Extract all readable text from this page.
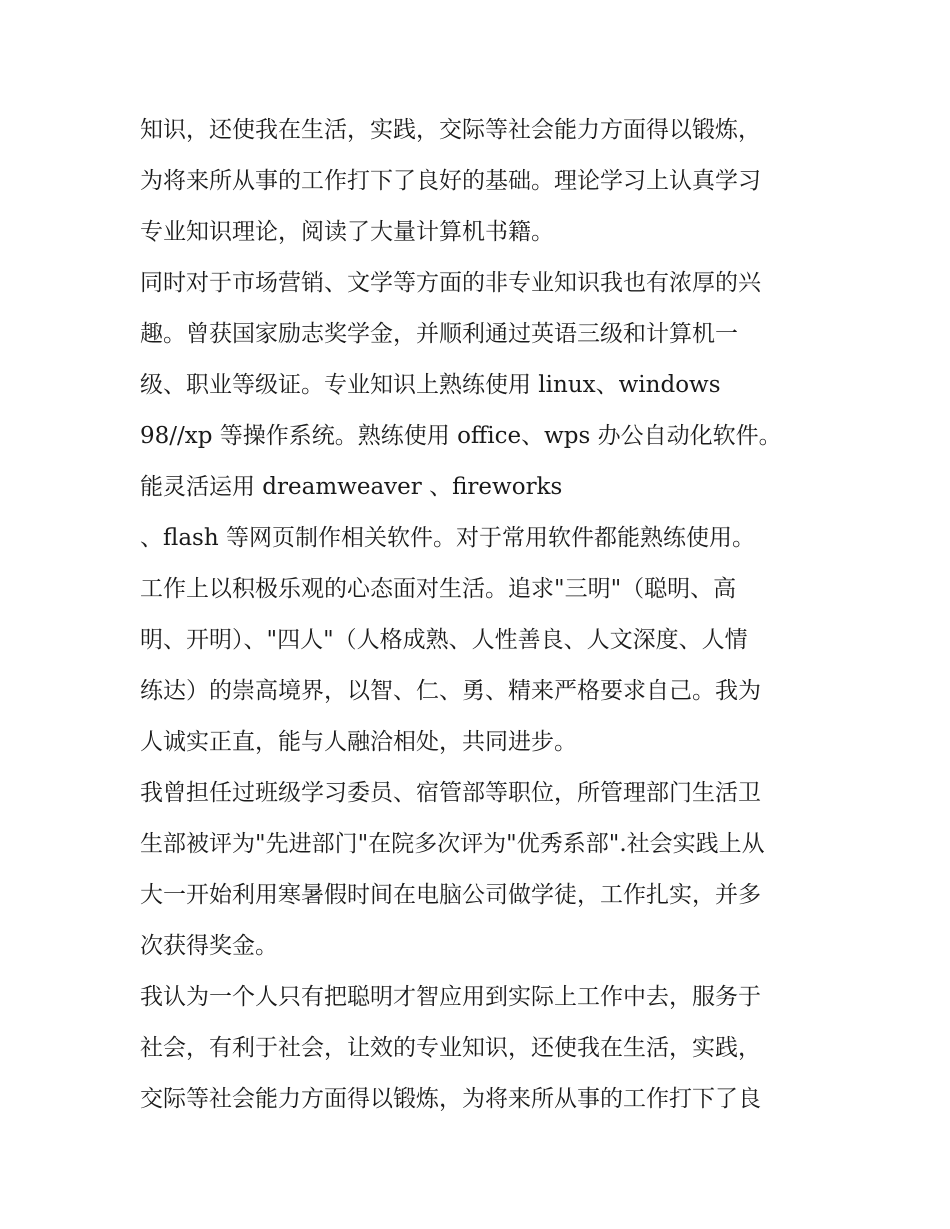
知识，还使我在生活，实践，交际等社会能力方面得以锻炼，
为将来所从事的工作打下了良好的基础。理论学习上认真学习
专业知识理论，阅读了大量计算机书籍。
同时对于市场营销、文学等方面的非专业知识我也有浓厚的兴
趣。曾获国家励志奖学金，并顺利通过英语三级和计算机一
级、职业等级证。专业知识上熟练使用 linux、windows
98//xp 等操作系统。熟练使用 office、wps 办公自动化软件。
能灵活运用 dreamweaver 、fireworks
、flash 等网页制作相关软件。对于常用软件都能熟练使用。
工作上以积极乐观的心态面对生活。追求"三明"（聪明、高
明、开明）、"四人"（人格成熟、人性善良、人文深度、人情
练达）的崇高境界，以智、仁、勇、精来严格要求自己。我为
人诚实正直，能与人融洽相处，共同进步。
我曾担任过班级学习委员、宿管部等职位，所管理部门生活卫
生部被评为"先进部门"在院多次评为"优秀系部".社会实践上从
大一开始利用寒暑假时间在电脑公司做学徒，工作扎实，并多
次获得奖金。
我认为一个人只有把聪明才智应用到实际上工作中去，服务于
社会，有利于社会，让效的专业知识，还使我在生活，实践，
交际等社会能力方面得以锻炼，为将来所从事的工作打下了良
